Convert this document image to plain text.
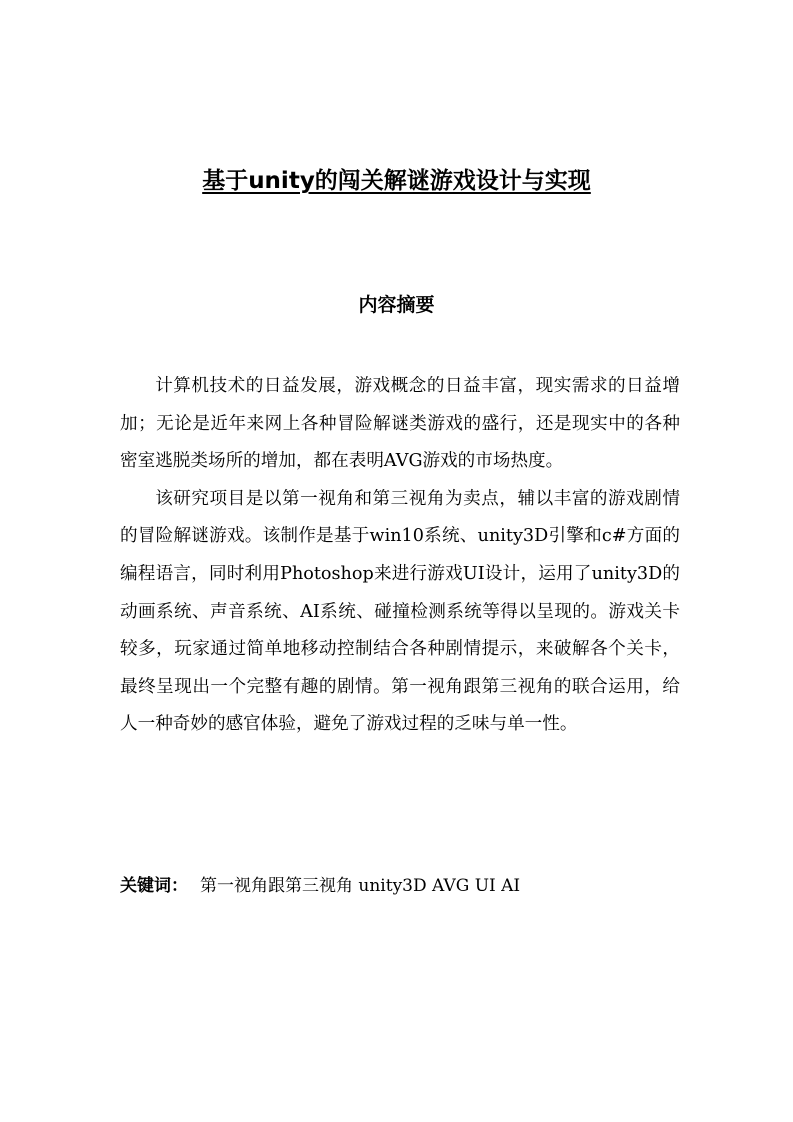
基于unity的闯关解谜游戏设计与实现
内容摘要

计算机技术的日益发展，游戏概念的日益丰富，现实需求的日益增加；无论是近年来网上各种冒险解谜类游戏的盛行，还是现实中的各种密室逃脱类场所的增加，都在表明AVG游戏的市场热度。

该研究项目是以第一视角和第三视角为卖点，辅以丰富的游戏剧情的冒险解谜游戏。该制作是基于win10系统、unity3D引擎和c#方面的编程语言，同时利用Photoshop来进行游戏UI设计，运用了unity3D的动画系统、声音系统、AI系统、碰撞检测系统等得以呈现的。游戏关卡较多，玩家通过简单地移动控制结合各种剧情提示，来破解各个关卡，最终呈现出一个完整有趣的剧情。第一视角跟第三视角的联合运用，给人一种奇妙的感官体验，避免了游戏过程的乏味与单一性。

关键词： 第一视角跟第三视角 unity3D AVG UI AI
